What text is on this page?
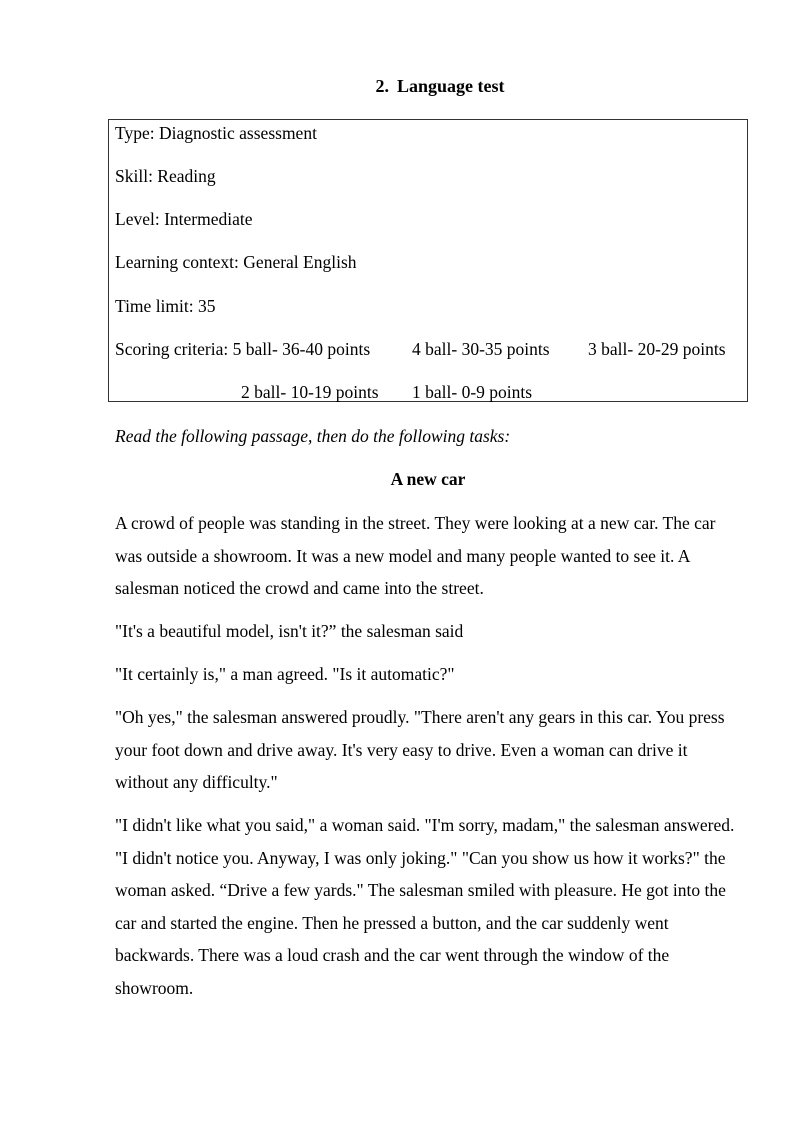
2. Language test
Type: Diagnostic assessment
Skill: Reading
Level: Intermediate
Learning context: General English
Time limit: 35
Scoring criteria: 5 ball- 36-40 points 4 ball- 30-35 points 3 ball- 20-29 points
2 ball- 10-19 points 1 ball- 0-9 points
Read the following passage, then do the following tasks:
A new car
A crowd of people was standing in the street. They were looking at a new car. The car was outside a showroom. It was a new model and many people wanted to see it. A salesman noticed the crowd and came into the street.
"It's a beautiful model, isn't it?” the salesman said
"It certainly is," a man agreed. "Is it automatic?"
"Oh yes," the salesman answered proudly. "There aren't any gears in this car. You press your foot down and drive away. It's very easy to drive. Even a woman can drive it without any difficulty."
"I didn't like what you said," a woman said. "I'm sorry, madam," the salesman answered. "I didn't notice you. Anyway, I was only joking." "Can you show us how it works?" the woman asked. “Drive a few yards." The salesman smiled with pleasure. He got into the car and started the engine. Then he pressed a button, and the car suddenly went backwards. There was a loud crash and the car went through the window of the showroom.
